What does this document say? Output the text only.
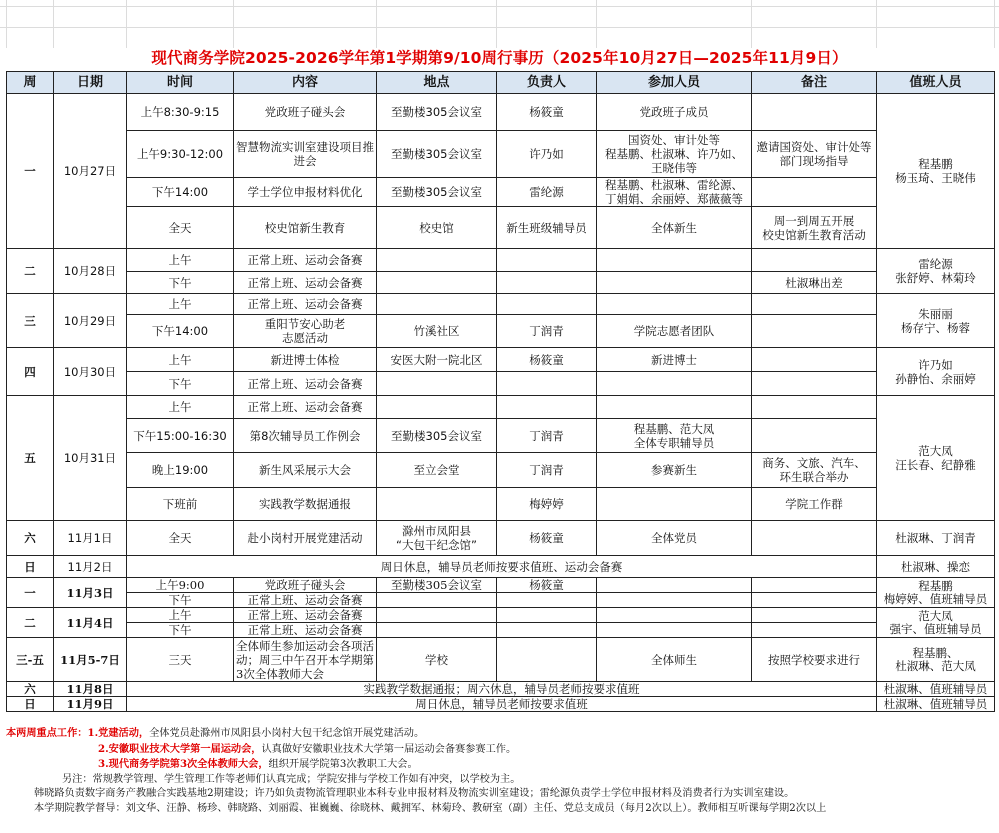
现代商务学院2025-2026学年第1学期第9/10周行事历（2025年10月27日—2025年11月9日）
周	日期	时间	内容	地点	负责人	参加人员	备注	值班人员
一	10月27日	上午8:30-9:15	党政班子碰头会	至勤楼305会议室	杨筱童	党政班子成员		程基鹏
杨玉琦、王晓伟
		上午9:30-12:00	智慧物流实训室建设项目推进会	至勤楼305会议室	许乃如	国资处、审计处等
程基鹏、杜淑琳、许乃如、
王晓伟等	邀请国资处、审计处等部门现场指导	
		下午14:00	学士学位申报材料优化	至勤楼305会议室	雷纶源	程基鹏、杜淑琳、雷纶源、
丁娟娟、余丽婷、郑薇薇等		
		全天	校史馆新生教育	校史馆	新生班级辅导员	全体新生	周一到周五开展
校史馆新生教育活动	
二	10月28日	上午	正常上班、运动会备赛					雷纶源
张舒婷、林菊玲
		下午	正常上班、运动会备赛				杜淑琳出差	
三	10月29日	上午	正常上班、运动会备赛					朱丽丽
杨存宁、杨蓉
		下午14:00	重阳节安心助老
志愿活动	竹溪社区	丁润青	学院志愿者团队		
四	10月30日	上午	新进博士体检	安医大附一院北区	杨筱童	新进博士		许乃如
孙静怡、余丽婷
		下午	正常上班、运动会备赛					
五	10月31日	上午	正常上班、运动会备赛					范大凤
汪长春、纪静雅
		下午15:00-16:30	第8次辅导员工作例会	至勤楼305会议室	丁润青	程基鹏、范大凤
全体专职辅导员		
		晚上19:00	新生风采展示大会	至立会堂	丁润青	参赛新生	商务、文旅、汽车、
环生联合举办	
		下班前	实践教学数据通报		梅婷婷		学院工作群	
六	11月1日	全天	赴小岗村开展党建活动	滁州市凤阳县
“大包干纪念馆”	杨筱童	全体党员		杜淑琳、丁润青
日	11月2日	周日休息，辅导员老师按要求值班、运动会备赛						杜淑琳、操恋
一	11月3日	上午9:00	党政班子碰头会	至勤楼305会议室	杨筱童			程基鹏
梅婷婷、值班辅导员
		下午	正常上班、运动会备赛					
二	11月4日	上午	正常上班、运动会备赛					范大凤
强宇、值班辅导员
		下午	正常上班、运动会备赛					
三-五	11月5-7日	三天	全体师生参加运动会各项活动；周三中午召开本学期第3次全体教师大会	学校		全体师生	按照学校要求进行	程基鹏、
杜淑琳、范大凤
六	11月8日	实践教学数据通报；周六休息，辅导员老师按要求值班						杜淑琳、值班辅导员
日	11月9日	周日休息，辅导员老师按要求值班						杜淑琳、值班辅导员
本两周重点工作：1.党建活动，全体党员赴滁州市凤阳县小岗村大包干纪念馆开展党建活动。
2.安徽职业技术大学第一届运动会，认真做好安徽职业技术大学第一届运动会备赛参赛工作。
3.现代商务学院第3次全体教师大会，组织开展学院第3次教职工大会。
另注：常规教学管理、学生管理工作等老师们认真完成；学院安排与学校工作如有冲突，以学校为主。
韩晓路负责数字商务产教融合实践基地2期建设；许乃如负责物流管理职业本科专业申报材料及物流实训室建设；雷纶源负责学士学位申报材料及消费者行为实训室建设。
本学期院教学督导：刘文华、汪静、杨珍、韩晓路、刘丽霞、崔巍巍、徐晓林、戴拥军、林菊玲、教研室（副）主任、党总支成员（每月2次以上）。教师相互听课每学期2次以上
